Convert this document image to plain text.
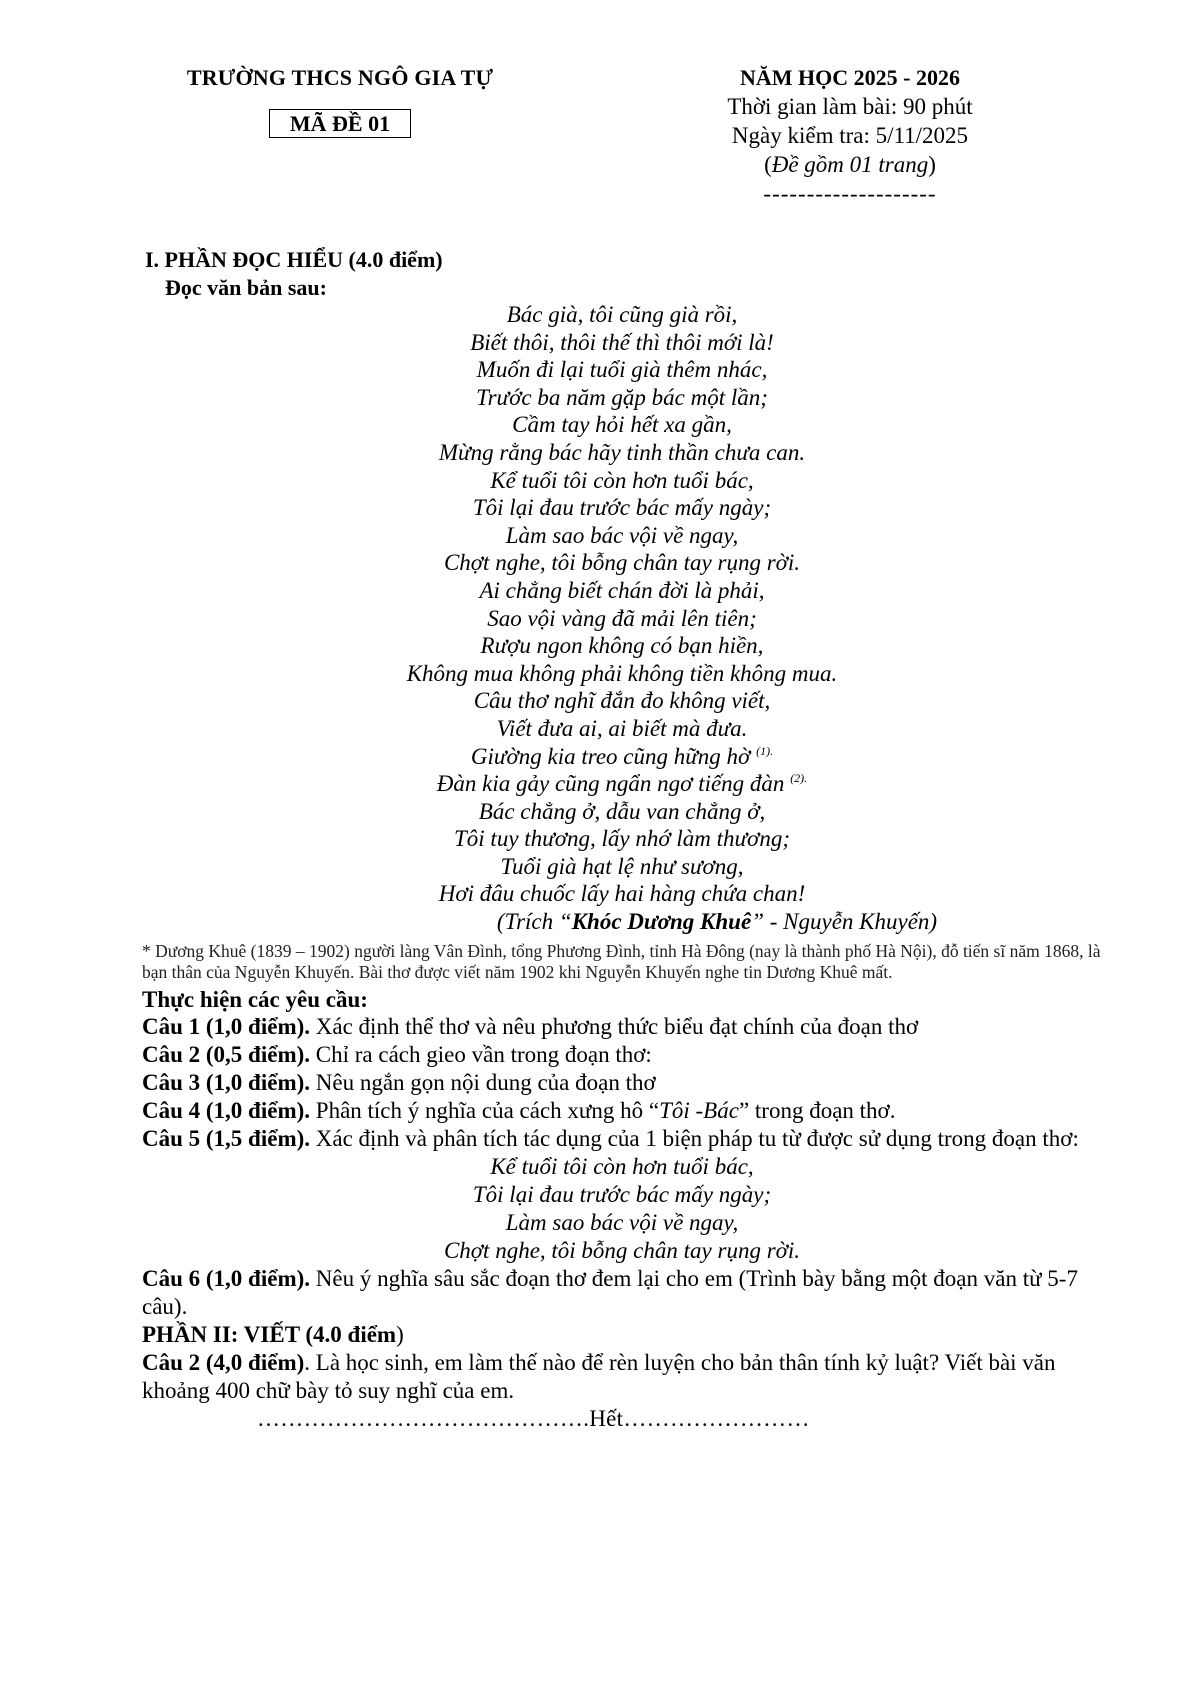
TRƯỜNG THCS NGÔ GIA TỰ
MÃ ĐỀ 01
NĂM HỌC 2025 - 2026
Thời gian làm bài: 90 phút
Ngày kiểm tra: 5/11/2025
(Đề gồm 01 trang)
--------------------
I. PHẦN ĐỌC HIỂU (4.0 điểm)
Đọc văn bản sau:
Bác già, tôi cũng già rồi,
Biết thôi, thôi thế thì thôi mới là!
Muốn đi lại tuổi già thêm nhác,
Trước ba năm gặp bác một lần;
Cầm tay hỏi hết xa gần,
Mừng rằng bác hãy tinh thần chưa can.
Kể tuổi tôi còn hơn tuổi bác,
Tôi lại đau trước bác mấy ngày;
Làm sao bác vội về ngay,
Chợt nghe, tôi bỗng chân tay rụng rời.
Ai chẳng biết chán đời là phải,
Sao vội vàng đã mải lên tiên;
Rượu ngon không có bạn hiền,
Không mua không phải không tiền không mua.
Câu thơ nghĩ đắn đo không viết,
Viết đưa ai, ai biết mà đưa.
Giường kia treo cũng hững hờ $^{(1).}$
Đàn kia gảy cũng ngẩn ngơ tiếng đàn $^{(2).}$
Bác chẳng ở, dẫu van chẳng ở,
Tôi tuy thương, lấy nhớ làm thương;
Tuổi già hạt lệ như sương,
Hơi đâu chuốc lấy hai hàng chứa chan!
(Trích “Khóc Dương Khuê” - Nguyễn Khuyến)
* Dương Khuê (1839 – 1902) người làng Vân Đình, tổng Phương Đình, tỉnh Hà Đông (nay là thành phố Hà Nội), đỗ tiến sĩ năm 1868, là bạn thân của Nguyễn Khuyến. Bài thơ được viết năm 1902 khi Nguyễn Khuyến nghe tin Dương Khuê mất.
Thực hiện các yêu cầu:
Câu 1 (1,0 điểm). Xác định thể thơ và nêu phương thức biểu đạt chính của đoạn thơ
Câu 2 (0,5 điểm). Chỉ ra cách gieo vần trong đoạn thơ:
Câu 3 (1,0 điểm). Nêu ngắn gọn nội dung của đoạn thơ
Câu 4 (1,0 điểm). Phân tích ý nghĩa của cách xưng hô “Tôi -Bác” trong đoạn thơ.
Câu 5 (1,5 điểm). Xác định và phân tích tác dụng của 1 biện pháp tu từ được sử dụng trong đoạn thơ:
Kể tuổi tôi còn hơn tuổi bác,
Tôi lại đau trước bác mấy ngày;
Làm sao bác vội về ngay,
Chợt nghe, tôi bỗng chân tay rụng rời.
Câu 6 (1,0 điểm). Nêu ý nghĩa sâu sắc đoạn thơ đem lại cho em (Trình bày bằng một đoạn văn từ 5-7 câu).
PHẦN II: VIẾT (4.0 điểm)
Câu 2 (4,0 điểm). Là học sinh, em làm thế nào để rèn luyện cho bản thân tính kỷ luật? Viết bài văn khoảng 400 chữ bày tỏ suy nghĩ của em.
…………………………………….Hết……………………
